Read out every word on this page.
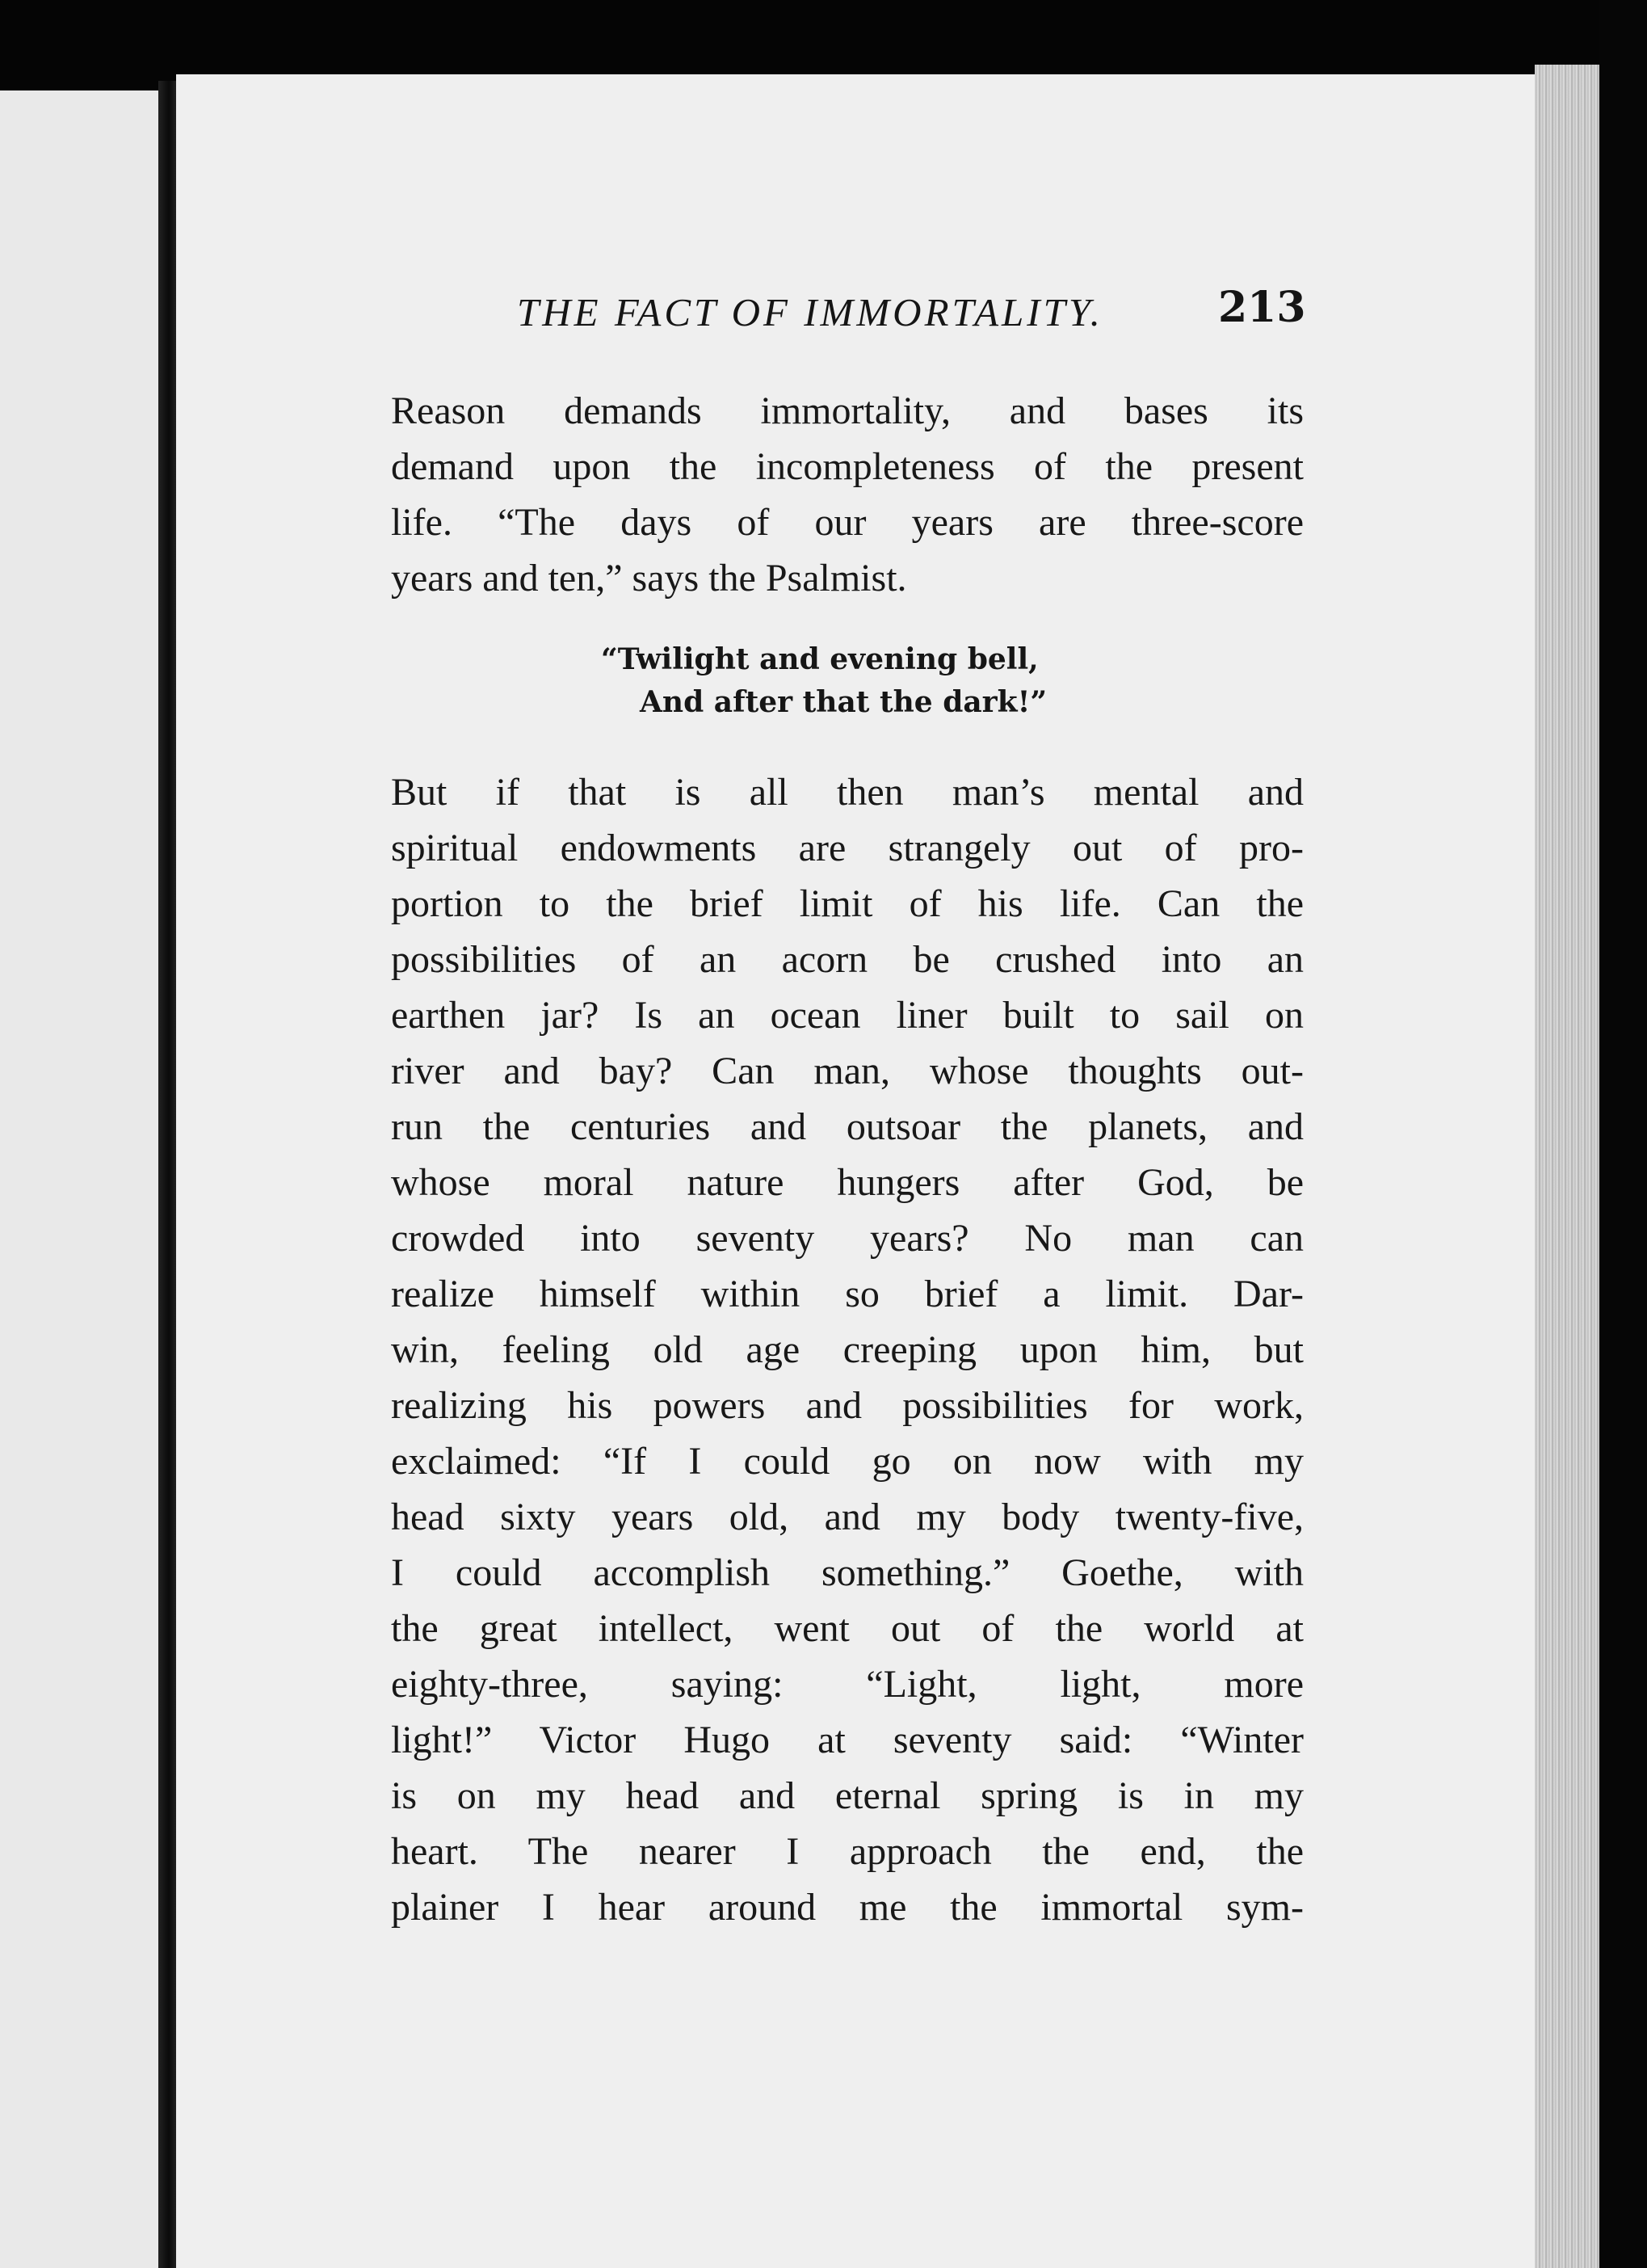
THE FACT OF IMMORTALITY.	213
Reason demands immortality, and bases its
demand upon the incompleteness of the present
life. “The days of our years are three-score
years and ten,” says the Psalmist.
“Twilight and evening bell,
And after that the dark!”
But if that is all then man’s mental and
spiritual endowments are strangely out of pro-
portion to the brief limit of his life. Can the
possibilities of an acorn be crushed into an
earthen jar? Is an ocean liner built to sail on
river and bay? Can man, whose thoughts out-
run the centuries and outsoar the planets, and
whose moral nature hungers after God, be
crowded into seventy years? No man can
realize himself within so brief a limit. Dar-
win, feeling old age creeping upon him, but
realizing his powers and possibilities for work,
exclaimed: “If I could go on now with my
head sixty years old, and my body twenty-five,
I could accomplish something.” Goethe, with
the great intellect, went out of the world at
eighty-three, saying: “Light, light, more
light!” Victor Hugo at seventy said: “Winter
is on my head and eternal spring is in my
heart. The nearer I approach the end, the
plainer I hear around me the immortal sym-
